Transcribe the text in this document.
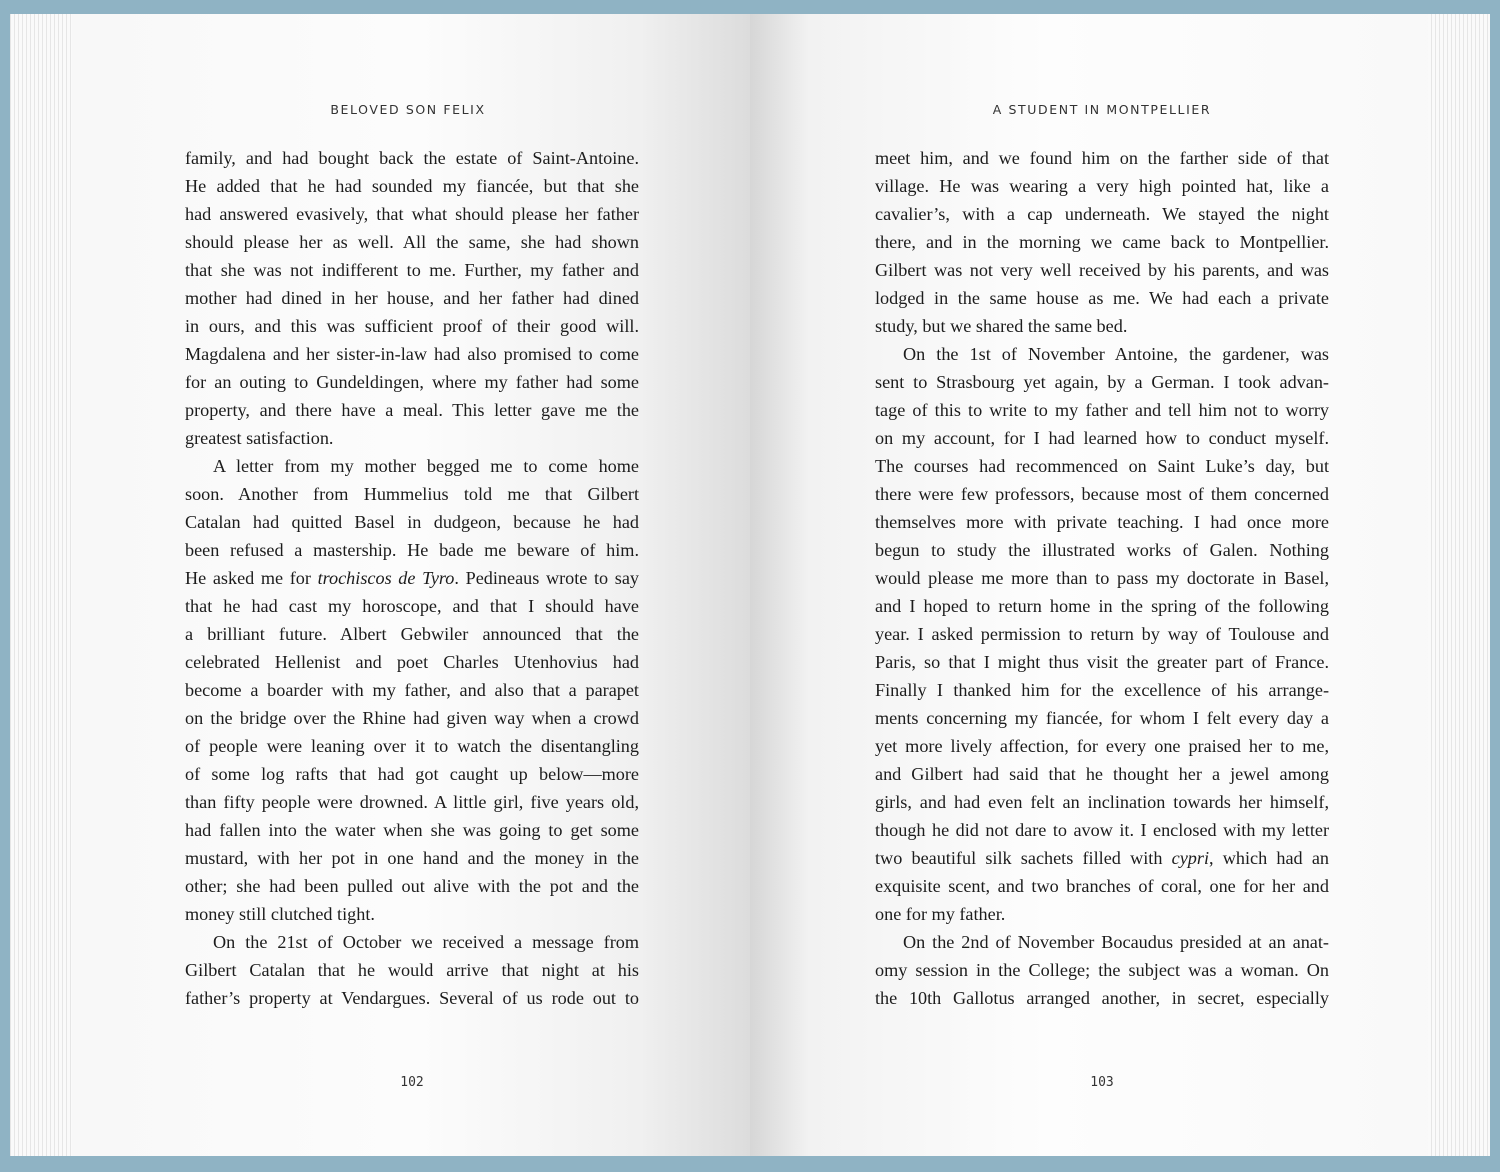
BELOVED SON FELIX
family, and had bought back the estate of Saint-Antoine.
He added that he had sounded my fiancée, but that she
had answered evasively, that what should please her father
should please her as well. All the same, she had shown
that she was not indifferent to me. Further, my father and
mother had dined in her house, and her father had dined
in ours, and this was sufficient proof of their good will.
Magdalena and her sister-in-law had also promised to come
for an outing to Gundeldingen, where my father had some
property, and there have a meal. This letter gave me the
greatest satisfaction.
A letter from my mother begged me to come home
soon. Another from Hummelius told me that Gilbert
Catalan had quitted Basel in dudgeon, because he had
been refused a mastership. He bade me beware of him.
He asked me for trochiscos de Tyro. Pedineaus wrote to say
that he had cast my horoscope, and that I should have
a brilliant future. Albert Gebwiler announced that the
celebrated Hellenist and poet Charles Utenhovius had
become a boarder with my father, and also that a parapet
on the bridge over the Rhine had given way when a crowd
of people were leaning over it to watch the disentangling
of some log rafts that had got caught up below—more
than fifty people were drowned. A little girl, five years old,
had fallen into the water when she was going to get some
mustard, with her pot in one hand and the money in the
other; she had been pulled out alive with the pot and the
money still clutched tight.
On the 21st of October we received a message from
Gilbert Catalan that he would arrive that night at his
father’s property at Vendargues. Several of us rode out to
102
A STUDENT IN MONTPELLIER
meet him, and we found him on the farther side of that
village. He was wearing a very high pointed hat, like a
cavalier’s, with a cap underneath. We stayed the night
there, and in the morning we came back to Montpellier.
Gilbert was not very well received by his parents, and was
lodged in the same house as me. We had each a private
study, but we shared the same bed.
On the 1st of November Antoine, the gardener, was
sent to Strasbourg yet again, by a German. I took advan-
tage of this to write to my father and tell him not to worry
on my account, for I had learned how to conduct myself.
The courses had recommenced on Saint Luke’s day, but
there were few professors, because most of them concerned
themselves more with private teaching. I had once more
begun to study the illustrated works of Galen. Nothing
would please me more than to pass my doctorate in Basel,
and I hoped to return home in the spring of the following
year. I asked permission to return by way of Toulouse and
Paris, so that I might thus visit the greater part of France.
Finally I thanked him for the excellence of his arrange-
ments concerning my fiancée, for whom I felt every day a
yet more lively affection, for every one praised her to me,
and Gilbert had said that he thought her a jewel among
girls, and had even felt an inclination towards her himself,
though he did not dare to avow it. I enclosed with my letter
two beautiful silk sachets filled with cypri, which had an
exquisite scent, and two branches of coral, one for her and
one for my father.
On the 2nd of November Bocaudus presided at an anat-
omy session in the College; the subject was a woman. On
the 10th Gallotus arranged another, in secret, especially
103
